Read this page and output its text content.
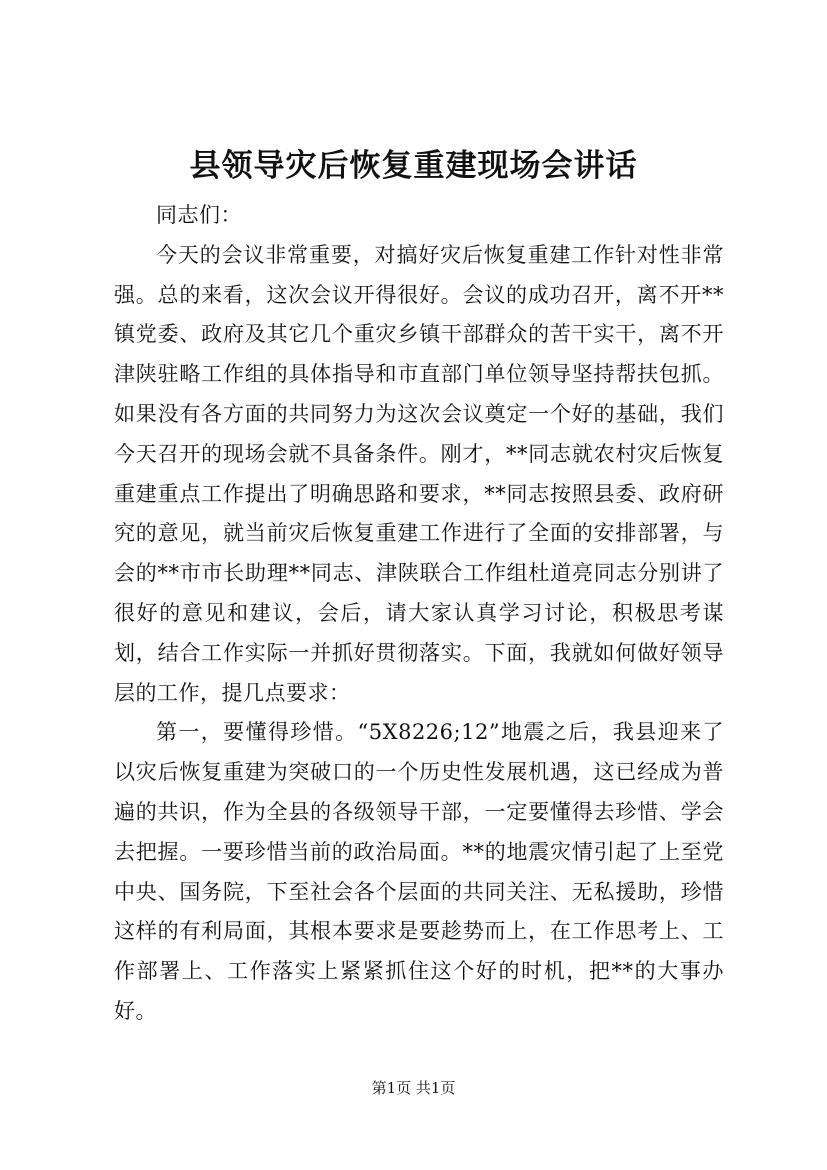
县领导灾后恢复重建现场会讲话

同志们：

今天的会议非常重要，对搞好灾后恢复重建工作针对性非常强。总的来看，这次会议开得很好。会议的成功召开，离不开**镇党委、政府及其它几个重灾乡镇干部群众的苦干实干，离不开津陕驻略工作组的具体指导和市直部门单位领导坚持帮扶包抓。如果没有各方面的共同努力为这次会议奠定一个好的基础，我们今天召开的现场会就不具备条件。刚才，**同志就农村灾后恢复重建重点工作提出了明确思路和要求，**同志按照县委、政府研究的意见，就当前灾后恢复重建工作进行了全面的安排部署，与会的**市市长助理**同志、津陕联合工作组杜道亮同志分别讲了很好的意见和建议，会后，请大家认真学习讨论，积极思考谋划，结合工作实际一并抓好贯彻落实。下面，我就如何做好领导层的工作，提几点要求：

第一，要懂得珍惜。“5X8226;12”地震之后，我县迎来了以灾后恢复重建为突破口的一个历史性发展机遇，这已经成为普遍的共识，作为全县的各级领导干部，一定要懂得去珍惜、学会去把握。一要珍惜当前的政治局面。**的地震灾情引起了上至党中央、国务院，下至社会各个层面的共同关注、无私援助，珍惜这样的有利局面，其根本要求是要趁势而上，在工作思考上、工作部署上、工作落实上紧紧抓住这个好的时机，把**的大事办好。

第1页 共1页
